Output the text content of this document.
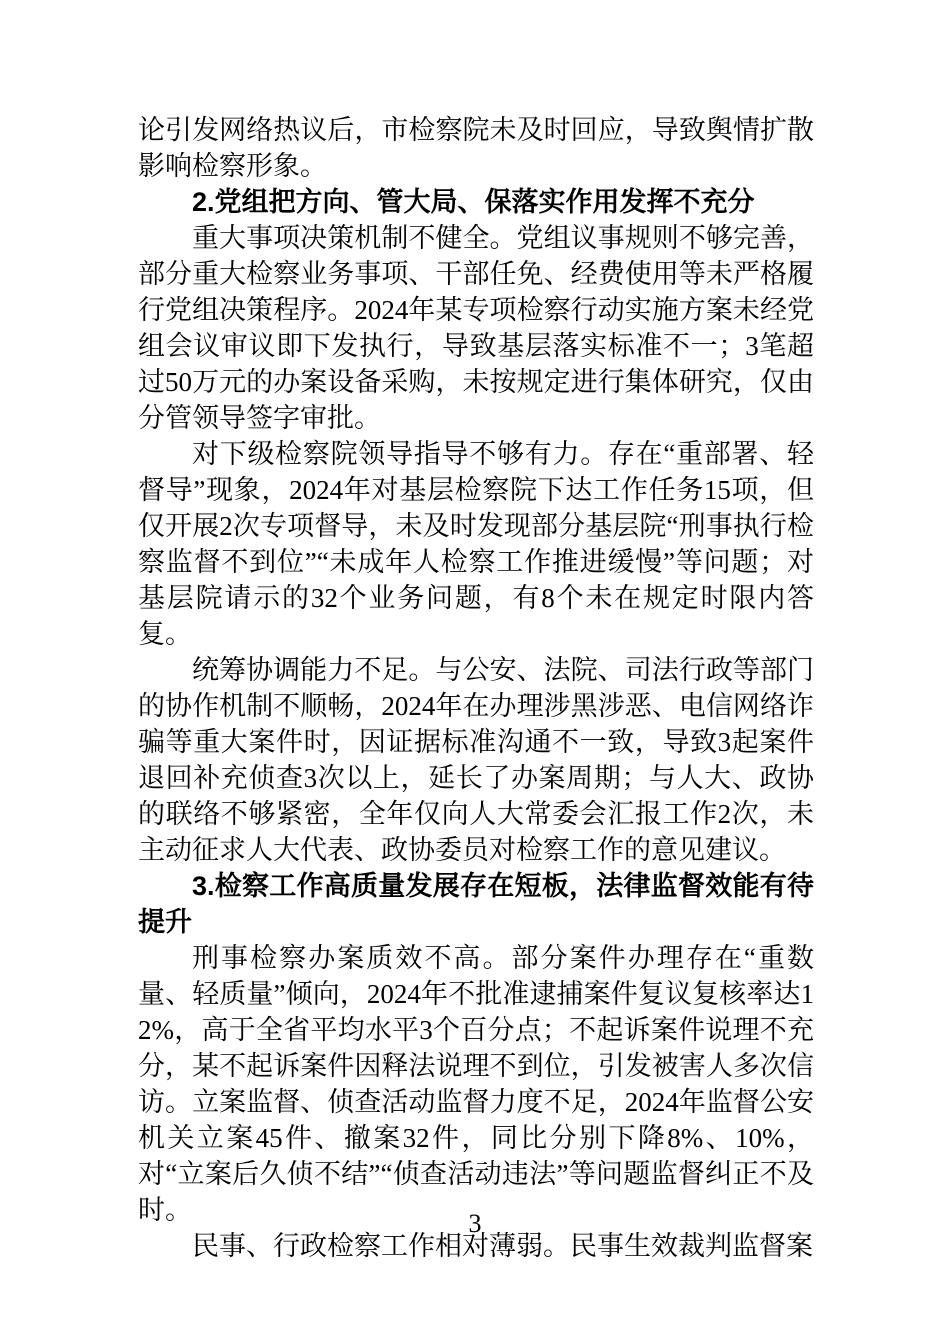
论引发网络热议后，市检察院未及时回应，导致舆情扩散影响检察形象。

2.党组把方向、管大局、保落实作用发挥不充分

重大事项决策机制不健全。党组议事规则不够完善，部分重大检察业务事项、干部任免、经费使用等未严格履行党组决策程序。2024年某专项检察行动实施方案未经党组会议审议即下发执行，导致基层落实标准不一；3笔超过50万元的办案设备采购，未按规定进行集体研究，仅由分管领导签字审批。

对下级检察院领导指导不够有力。存在“重部署、轻督导”现象，2024年对基层检察院下达工作任务15项，但仅开展2次专项督导，未及时发现部分基层院“刑事执行检察监督不到位”“未成年人检察工作推进缓慢”等问题；对基层院请示的32个业务问题，有8个未在规定时限内答复。

统筹协调能力不足。与公安、法院、司法行政等部门的协作机制不顺畅，2024年在办理涉黑涉恶、电信网络诈骗等重大案件时，因证据标准沟通不一致，导致3起案件退回补充侦查3次以上，延长了办案周期；与人大、政协的联络不够紧密，全年仅向人大常委会汇报工作2次，未主动征求人大代表、政协委员对检察工作的意见建议。

3.检察工作高质量发展存在短板，法律监督效能有待提升

刑事检察办案质效不高。部分案件办理存在“重数量、轻质量”倾向，2024年不批准逮捕案件复议复核率达12%，高于全省平均水平3个百分点；不起诉案件说理不充分，某不起诉案件因释法说理不到位，引发被害人多次信访。立案监督、侦查活动监督力度不足，2024年监督公安机关立案45件、撤案32件，同比分别下降8%、10%，对“立案后久侦不结”“侦查活动违法”等问题监督纠正不及时。

民事、行政检察工作相对薄弱。民事生效裁判监督案

3
